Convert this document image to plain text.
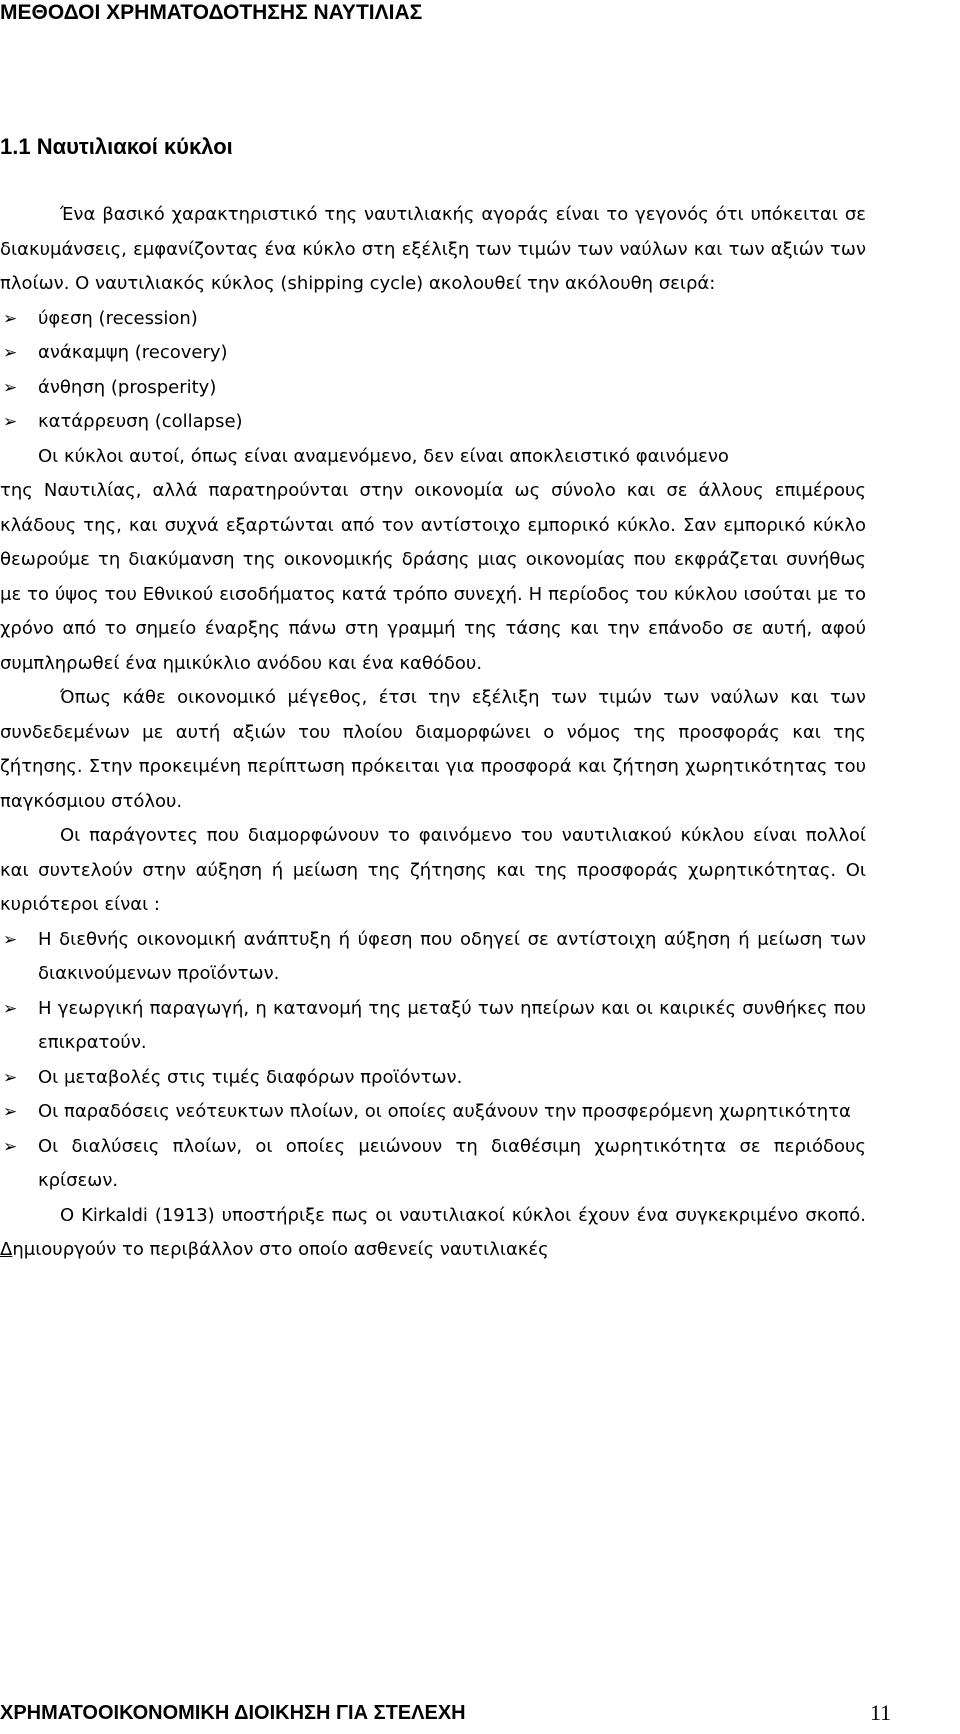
ΜΕΘΟΔΟΙ ΧΡΗΜΑΤΟΔΟΤΗΣΗΣ ΝΑΥΤΙΛΙΑΣ
1.1 Ναυτιλιακοί κύκλοι

Ένα βασικό χαρακτηριστικό της ναυτιλιακής αγοράς είναι το γεγονός ότι υπόκειται σε διακυμάνσεις, εμφανίζοντας ένα κύκλο στη εξέλιξη των τιμών των ναύλων και των αξιών των πλοίων. Ο ναυτιλιακός κύκλος (shipping cycle) ακολουθεί την ακόλουθη σειρά:

➢ ύφεση (recession)
➢ ανάκαμψη (recovery)
➢ άνθηση (prosperity)
➢ κατάρρευση (collapse)

Οι κύκλοι αυτοί, όπως είναι αναμενόμενο, δεν είναι αποκλειστικό φαινόμενο

της Ναυτιλίας, αλλά παρατηρούνται στην οικονομία ως σύνολο και σε άλλους επιμέρους κλάδους της, και συχνά εξαρτώνται από τον αντίστοιχο εμπορικό κύκλο. Σαν εμπορικό κύκλο θεωρούμε τη διακύμανση της οικονομικής δράσης μιας οικονομίας που εκφράζεται συνήθως με το ύψος του Εθνικού εισοδήματος κατά τρόπο συνεχή. Η περίοδος του κύκλου ισούται με το χρόνο από το σημείο έναρξης πάνω στη γραμμή της τάσης και την επάνοδο σε αυτή, αφού συμπληρωθεί ένα ημικύκλιο ανόδου και ένα καθόδου.

Όπως κάθε οικονομικό μέγεθος, έτσι την εξέλιξη των τιμών των ναύλων και των συνδεδεμένων με αυτή αξιών του πλοίου διαμορφώνει ο νόμος της προσφοράς και της ζήτησης. Στην προκειμένη περίπτωση πρόκειται για προσφορά και ζήτηση χωρητικότητας του παγκόσμιου στόλου.

Οι παράγοντες που διαμορφώνουν το φαινόμενο του ναυτιλιακού κύκλου είναι πολλοί και συντελούν στην αύξηση ή μείωση της ζήτησης και της προσφοράς χωρητικότητας. Οι κυριότεροι είναι :

➢ Η διεθνής οικονομική ανάπτυξη ή ύφεση που οδηγεί σε αντίστοιχη αύξηση ή μείωση των διακινούμενων προϊόντων.
➢ Η γεωργική παραγωγή, η κατανομή της μεταξύ των ηπείρων και οι καιρικές συνθήκες που επικρατούν.
➢ Οι μεταβολές στις τιμές διαφόρων προϊόντων.
➢ Οι παραδόσεις νεότευκτων πλοίων, οι οποίες αυξάνουν την προσφερόμενη χωρητικότητα
➢ Οι διαλύσεις πλοίων, οι οποίες μειώνουν τη διαθέσιμη χωρητικότητα σε περιόδους κρίσεων.

Ο Kirkaldi (1913) υποστήριξε πως οι ναυτιλιακοί κύκλοι έχουν ένα συγκεκριμένο σκοπό. Δημιουργούν το περιβάλλον στο οποίο ασθενείς ναυτιλιακές

ΧΡΗΜΑΤΟΟΙΚΟΝΟΜΙΚΗ ΔΙΟΙΚΗΣΗ ΓΙΑ ΣΤΕΛΕΧΗ	11
